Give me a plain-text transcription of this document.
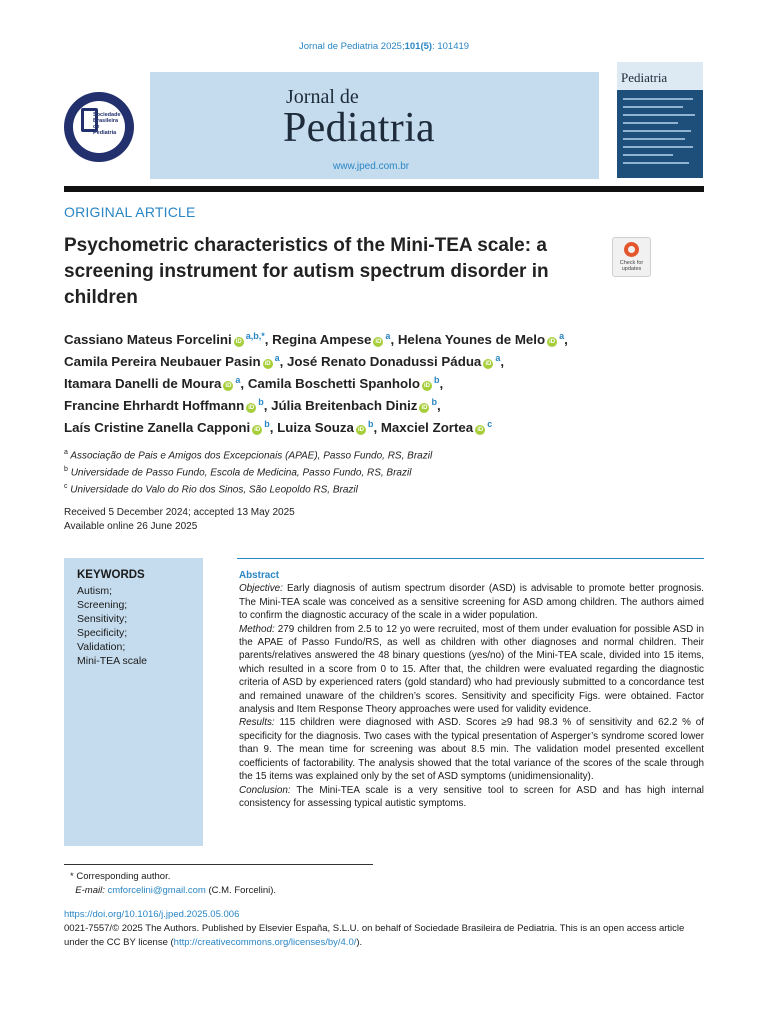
Jornal de Pediatria 2025;101(5): 101419
Sociedade Brasileira de Pediatria
Jornal de
Pediatria
www.jped.com.br
Pediatria
ORIGINAL ARTICLE
Psychometric characteristics of the Mini-TEA scale: a screening instrument for autism spectrum disorder in children
Check for updates
Cassiano Mateus Forcelini $iD^{a,b,*}$, Regina Ampese $iD^a$, Helena Younes de Melo $iD^a$,
Camila Pereira Neubauer Pasin $iD^a$, José Renato Donadussi Pádua $iD^a$,
Itamara Danelli de Moura $iD^a$, Camila Boschetti Spanholo $iD^b$,
Francine Ehrhardt Hoffmann $iD^b$, Júlia Breitenbach Diniz $iD^b$,
Laís Cristine Zanella Capponi $iD^b$, Luiza Souza $iD^b$, Maxciel Zortea $iD^c$
$^a$ Associação de Pais e Amigos dos Excepcionais (APAE), Passo Fundo, RS, Brazil
$^b$ Universidade de Passo Fundo, Escola de Medicina, Passo Fundo, RS, Brazil
$^c$ Universidade do Valo do Rio dos Sinos, São Leopoldo RS, Brazil
Received 5 December 2024; accepted 13 May 2025
Available online 26 June 2025
KEYWORDS
Autism;
Screening;
Sensitivity;
Specificity;
Validation;
Mini-TEA scale
Abstract
Objective: Early diagnosis of autism spectrum disorder (ASD) is advisable to promote better prognosis. The Mini-TEA scale was conceived as a sensitive screening for ASD among children. The authors aimed to confirm the diagnostic accuracy of the scale in a wider population.
Method: 279 children from 2.5 to 12 yo were recruited, most of them under evaluation for possible ASD in the APAE of Passo Fundo/RS, as well as children with other diagnoses and normal children. Their parents/relatives answered the 48 binary questions (yes/no) of the Mini-TEA scale, divided into 15 items, which resulted in a score from 0 to 15. After that, the children were evaluated regarding the diagnostic criteria of ASD by experienced raters (gold standard) who had previously submitted to a concordance test and remained unaware of the children’s scores. Sensitivity and specificity Figs. were obtained. Factor analysis and Item Response Theory approaches were used for validity evidence.
Results: 115 children were diagnosed with ASD. Scores ≥9 had 98.3 % of sensitivity and 62.2 % of specificity for the diagnosis. Two cases with the typical presentation of Asperger’s syndrome scored lower than 9. The mean time for screening was about 8.5 min. The validation model presented excellent coefficients of factorability. The analysis showed that the total variance of the scores of the scale through the 15 items was explained only by the set of ASD symptoms (unidimensionality).
Conclusion: The Mini-TEA scale is a very sensitive tool to screen for ASD and has high internal consistency for assessing typical autistic symptoms.
* Corresponding author.
E-mail: cmforcelini@gmail.com (C.M. Forcelini).
https://doi.org/10.1016/j.jped.2025.05.006
0021-7557/© 2025 The Authors. Published by Elsevier España, S.L.U. on behalf of Sociedade Brasileira de Pediatria. This is an open access article under the CC BY license (http://creativecommons.org/licenses/by/4.0/).
